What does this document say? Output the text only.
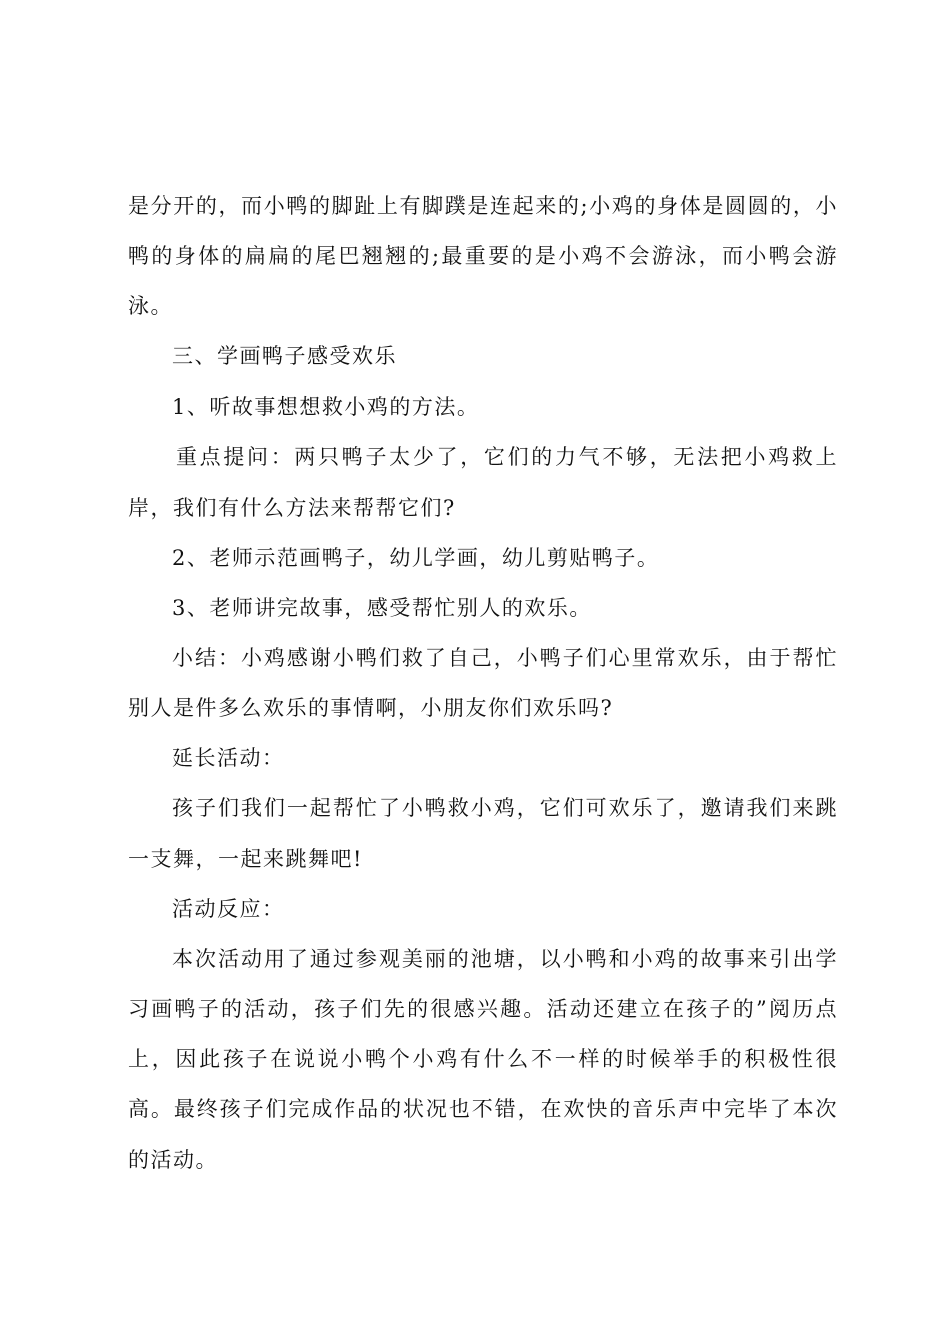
是分开的，而小鸭的脚趾上有脚蹼是连起来的;小鸡的身体是圆圆的，小
鸭的身体的扁扁的尾巴翘翘的;最重要的是小鸡不会游泳，而小鸭会游
泳。
三、学画鸭子感受欢乐
1、听故事想想救小鸡的方法。
重点提问：两只鸭子太少了，它们的力气不够，无法把小鸡救上
岸，我们有什么方法来帮帮它们?
2、老师示范画鸭子，幼儿学画，幼儿剪贴鸭子。
3、老师讲完故事，感受帮忙别人的欢乐。
小结：小鸡感谢小鸭们救了自己，小鸭子们心里常欢乐，由于帮忙
别人是件多么欢乐的事情啊，小朋友你们欢乐吗?
延长活动：
孩子们我们一起帮忙了小鸭救小鸡，它们可欢乐了，邀请我们来跳
一支舞，一起来跳舞吧!
活动反应：
本次活动用了通过参观美丽的池塘，以小鸭和小鸡的故事来引出学
习画鸭子的活动，孩子们先的很感兴趣。活动还建立在孩子的”阅历点
上，因此孩子在说说小鸭个小鸡有什么不一样的时候举手的积极性很
高。最终孩子们完成作品的状况也不错，在欢快的音乐声中完毕了本次
的活动。
